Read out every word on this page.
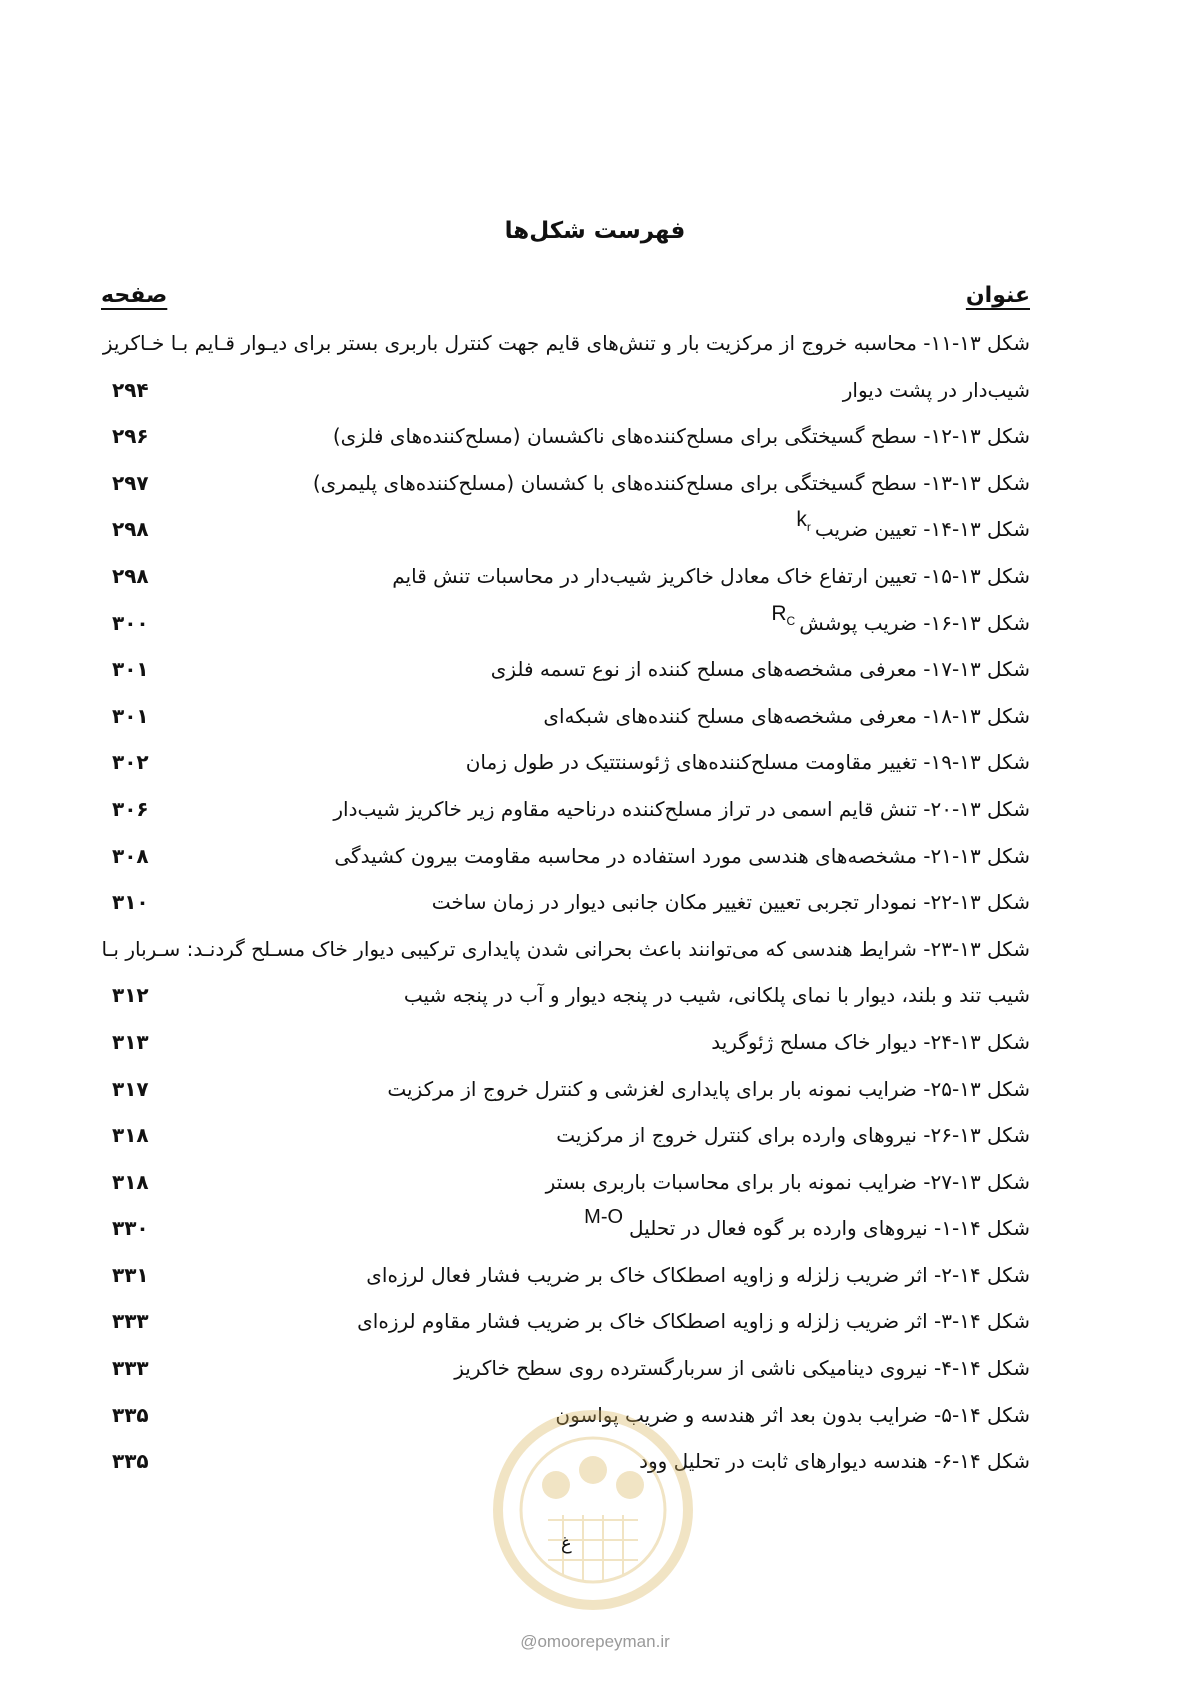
فهرست شکل‌ها
عنوان
صفحه
شکل ۱۳-۱۱- محاسبه خروج از مرکزیت بار و تنش‌های قایم جهت کنترل باربری بستر برای دیـوار قـایم بـا خـاکریز
شیب‌دار در پشت دیوار
۲۹۴
شکل ۱۳-۱۲- سطح گسیختگی برای مسلح‌کننده‌های ناکشسان (مسلح‌کننده‌های فلزی)
۲۹۶
شکل ۱۳-۱۳- سطح گسیختگی برای مسلح‌کننده‌های با کشسان (مسلح‌کننده‌های پلیمری)
۲۹۷
شکل ۱۳-۱۴- تعیین ضریبk$_r$
۲۹۸
شکل ۱۳-۱۵- تعیین ارتفاع خاک معادل خاکریز شیب‌دار در محاسبات تنش قایم
۲۹۸
شکل ۱۳-۱۶- ضریب پوششR$_C$
۳۰۰
شکل ۱۳-۱۷- معرفی مشخصه‌های مسلح کننده از نوع تسمه فلزی
۳۰۱
شکل ۱۳-۱۸- معرفی مشخصه‌های مسلح کننده‌های شبکه‌ای
۳۰۱
شکل ۱۳-۱۹- تغییر مقاومت مسلح‌کننده‌های ژئوسنتتیک در طول زمان
۳۰۲
شکل ۱۳-۲۰- تنش قایم اسمی در تراز مسلح‌کننده درناحیه مقاوم زیر خاکریز شیب‌دار
۳۰۶
شکل ۱۳-۲۱- مشخصه‌های هندسی مورد استفاده در محاسبه مقاومت بیرون کشیدگی
۳۰۸
شکل ۱۳-۲۲- نمودار تجربی تعیین تغییر مکان جانبی دیوار در زمان ساخت
۳۱۰
شکل ۱۳-۲۳- شرایط هندسی که می‌توانند باعث بحرانی شدن پایداری ترکیبی دیوار خاک مسـلح گردنـد: سـربار بـا
شیب تند و بلند، دیوار با نمای پلکانی، شیب در پنجه دیوار و آب در پنجه شیب
۳۱۲
شکل ۱۳-۲۴- دیوار خاک مسلح ژئوگرید
۳۱۳
شکل ۱۳-۲۵- ضرایب نمونه بار برای پایداری لغزشی و کنترل خروج از مرکزیت
۳۱۷
شکل ۱۳-۲۶- نیروهای وارده برای کنترل خروج از مرکزیت
۳۱۸
شکل ۱۳-۲۷- ضرایب نمونه بار برای محاسبات باربری بستر
۳۱۸
شکل ۱۴-۱- نیروهای وارده بر گوه فعال در تحلیلM-O
۳۳۰
شکل ۱۴-۲- اثر ضریب زلزله و زاویه اصطکاک خاک بر ضریب فشار فعال لرزه‌ای
۳۳۱
شکل ۱۴-۳- اثر ضریب زلزله و زاویه اصطکاک خاک بر ضریب فشار مقاوم لرزه‌ای
۳۳۳
شکل ۱۴-۴- نیروی دینامیکی ناشی از سربارگسترده روی سطح خاکریز
۳۳۳
شکل ۱۴-۵- ضرایب بدون بعد اثر هندسه و ضریب پواسون
۳۳۵
شکل ۱۴-۶- هندسه دیوارهای ثابت در تحلیل وود
۳۳۵
غ
@omoorepeyman.ir
